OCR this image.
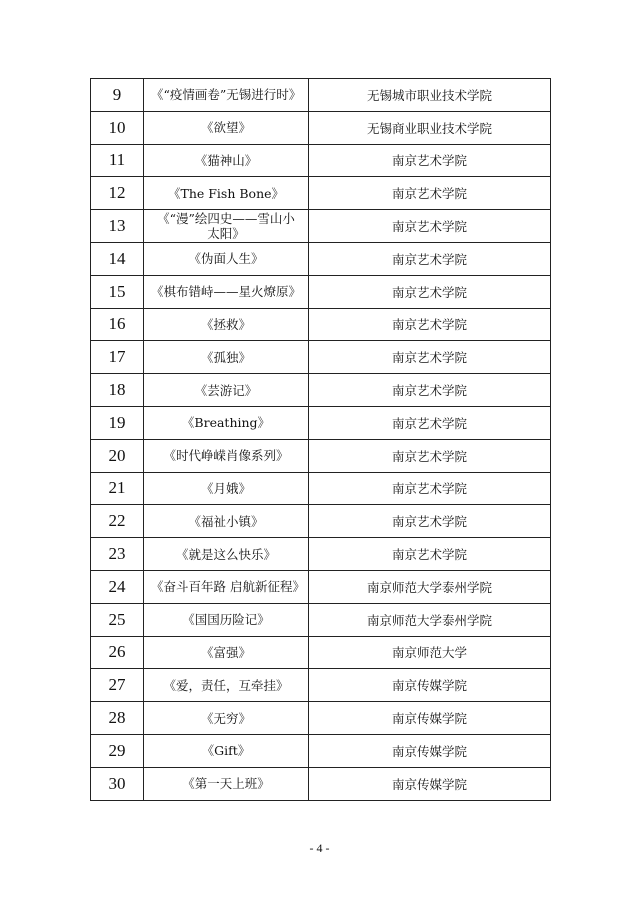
9	《“疫情画卷”无锡进行时》	无锡城市职业技术学院
10	《欲望》	无锡商业职业技术学院
11	《猫神山》	南京艺术学院
12	《The Fish Bone》	南京艺术学院
13	《“漫”绘四史——雪山小太阳》	南京艺术学院
14	《伪面人生》	南京艺术学院
15	《棋布错峙——星火燎原》	南京艺术学院
16	《拯救》	南京艺术学院
17	《孤独》	南京艺术学院
18	《芸游记》	南京艺术学院
19	《Breathing》	南京艺术学院
20	《时代峥嵘肖像系列》	南京艺术学院
21	《月娥》	南京艺术学院
22	《福祉小镇》	南京艺术学院
23	《就是这么快乐》	南京艺术学院
24	《奋斗百年路 启航新征程》	南京师范大学泰州学院
25	《国国历险记》	南京师范大学泰州学院
26	《富强》	南京师范大学
27	《爱，责任，互牵挂》	南京传媒学院
28	《无穷》	南京传媒学院
29	《Gift》	南京传媒学院
30	《第一天上班》	南京传媒学院
- 4 -
